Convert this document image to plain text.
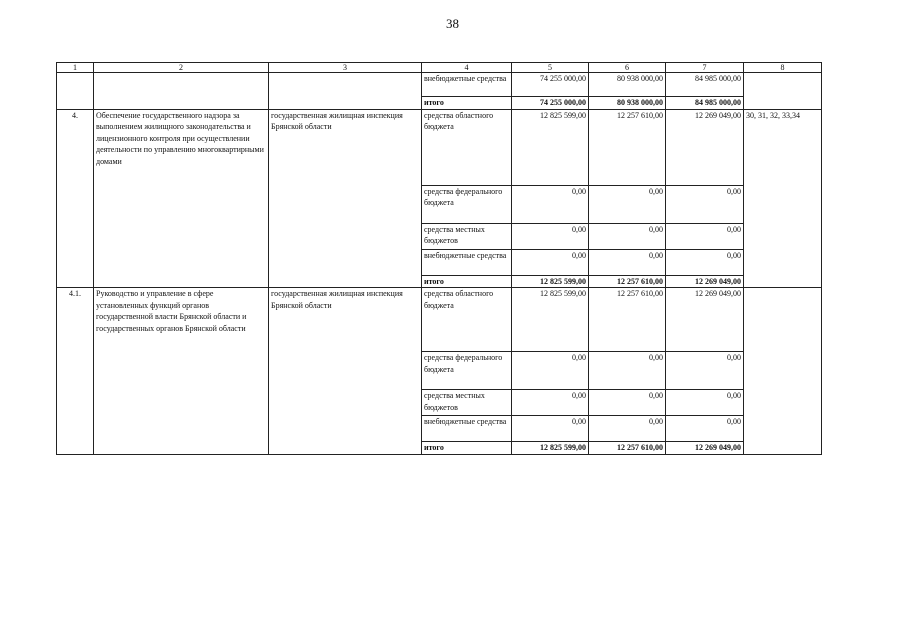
38
1	2	3	4	5	6	7	8
			внебюджетные средства	74 255 000,00	80 938 000,00	84 985 000,00	
			итого	74 255 000,00	80 938 000,00	84 985 000,00	
4.	Обеспечение государственного надзора за выполнением жилищного законодательства и лицензионного контроля при осуществлении деятельности по управлению многоквартирными домами	государственная жилищная инспекция Брянской области	средства областного бюджета	12 825 599,00	12 257 610,00	12 269 049,00	30, 31, 32, 33,34
			средства федерального бюджета	0,00	0,00	0,00	
			средства местных бюджетов	0,00	0,00	0,00	
			внебюджетные средства	0,00	0,00	0,00	
			итого	12 825 599,00	12 257 610,00	12 269 049,00	
4.1.	Руководство и управление в сфере установленных функций органов государственной власти Брянской области и государственных органов Брянской области	государственная жилищная инспекция Брянской области	средства областного бюджета	12 825 599,00	12 257 610,00	12 269 049,00	
			средства федерального бюджета	0,00	0,00	0,00	
			средства местных бюджетов	0,00	0,00	0,00	
			внебюджетные средства	0,00	0,00	0,00	
			итого	12 825 599,00	12 257 610,00	12 269 049,00	
